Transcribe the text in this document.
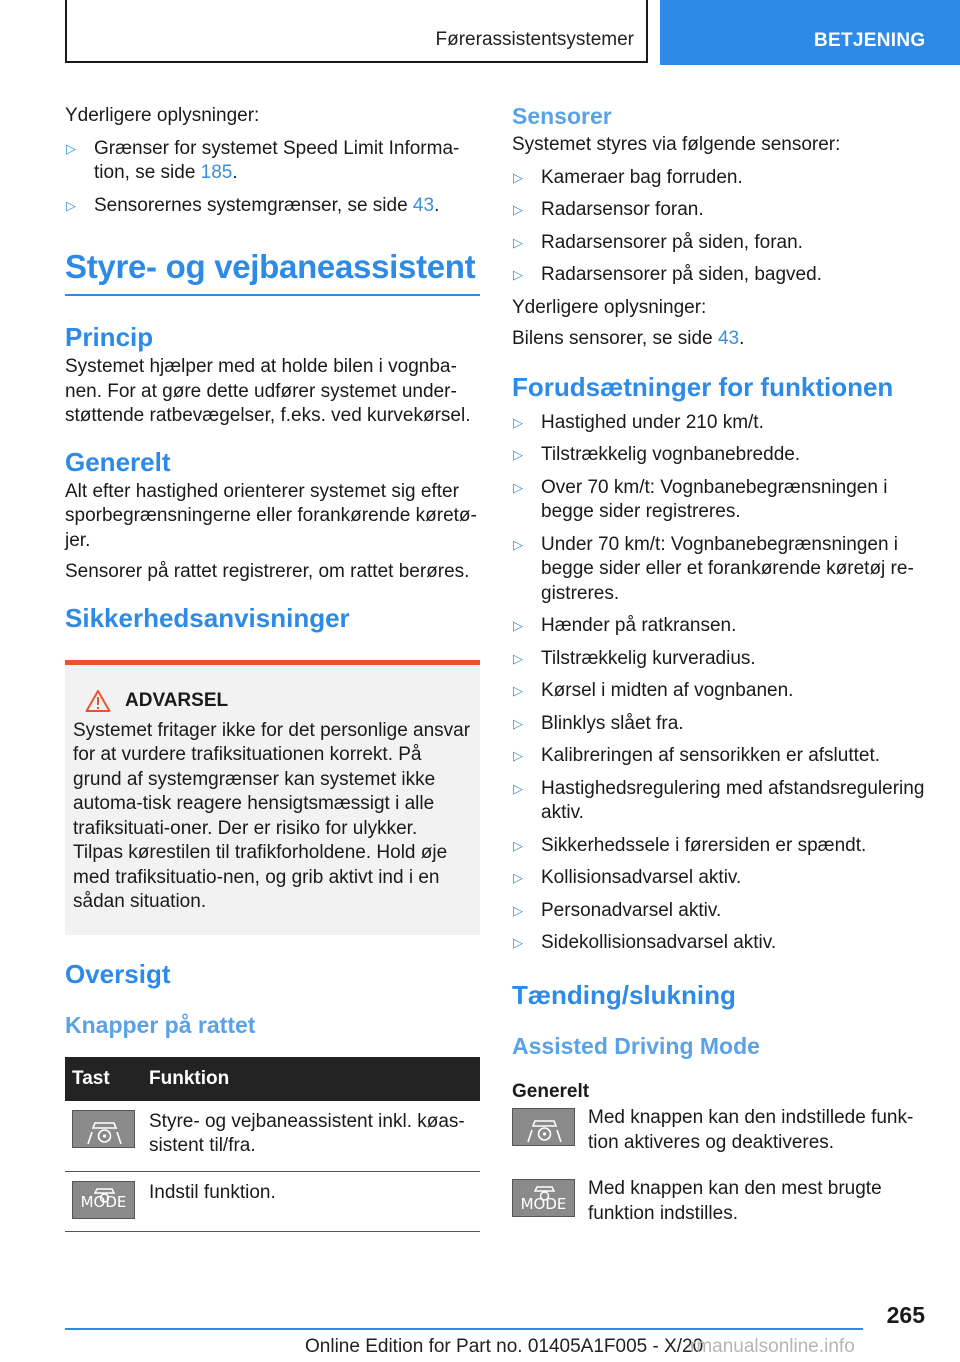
Førerassistentsystemer	BETJENING

Yderligere oplysninger:

▷ Grænser for systemet Speed Limit Informa-tion, se side 185.
▷ Sensorernes systemgrænser, se side 43.
Styre- og vejbaneassistent
Princip

Systemet hjælper med at holde bilen i vognba-nen. For at gøre dette udfører systemet under-støttende ratbevægelser, f.eks. ved kurvekørsel.

Generelt

Alt efter hastighed orienterer systemet sig efter sporbegrænsningerne eller forankørende køretø-jer.

Sensorer på rattet registrerer, om rattet berøres.

Sikkerhedsanvisninger
ADVARSEL

Systemet fritager ikke for det personlige ansvar for at vurdere trafiksituationen korrekt. På grund af systemgrænser kan systemet ikke automa-tisk reagere hensigtsmæssigt i alle trafiksituati-oner. Der er risiko for ulykker. Tilpas kørestilen til trafikforholdene. Hold øje med trafiksituatio-nen, og grib aktivt ind i en sådan situation.

Oversigt
Knapper på rattet
Tast	Funktion

	Styre- og vejbaneassistent inkl. køas-sistent til/fra.

MODE	Indstil funktion.
Sensorer

Systemet styres via følgende sensorer:

▷ Kameraer bag forruden.
▷ Radarsensor foran.
▷ Radarsensorer på siden, foran.
▷ Radarsensorer på siden, bagved.

Yderligere oplysninger:

Bilens sensorer, se side 43.

Forudsætninger for funktionen
▷ Hastighed under 210 km/t.
▷ Tilstrækkelig vognbanebredde.
▷ Over 70 km/t: Vognbanebegrænsningen i begge sider registreres.
▷ Under 70 km/t: Vognbanebegrænsningen i begge sider eller et forankørende køretøj re-gistreres.
▷ Hænder på ratkransen.
▷ Tilstrækkelig kurveradius.
▷ Kørsel i midten af vognbanen.
▷ Blinklys slået fra.
▷ Kalibreringen af sensorikken er afsluttet.
▷ Hastighedsregulering med afstandsregulering aktiv.
▷ Sikkerhedssele i førersiden er spændt.
▷ Kollisionsadvarsel aktiv.
▷ Personadvarsel aktiv.
▷ Sidekollisionsadvarsel aktiv.
Tænding/slukning
Assisted Driving Mode

Generelt

Med knappen kan den indstillede funk-tion aktiveres og deaktiveres.

MODE

Med knappen kan den mest brugte funktion indstilles.

265
Online Edition for Part no. 01405A1F005 - X/20
rmanualsonline.info
